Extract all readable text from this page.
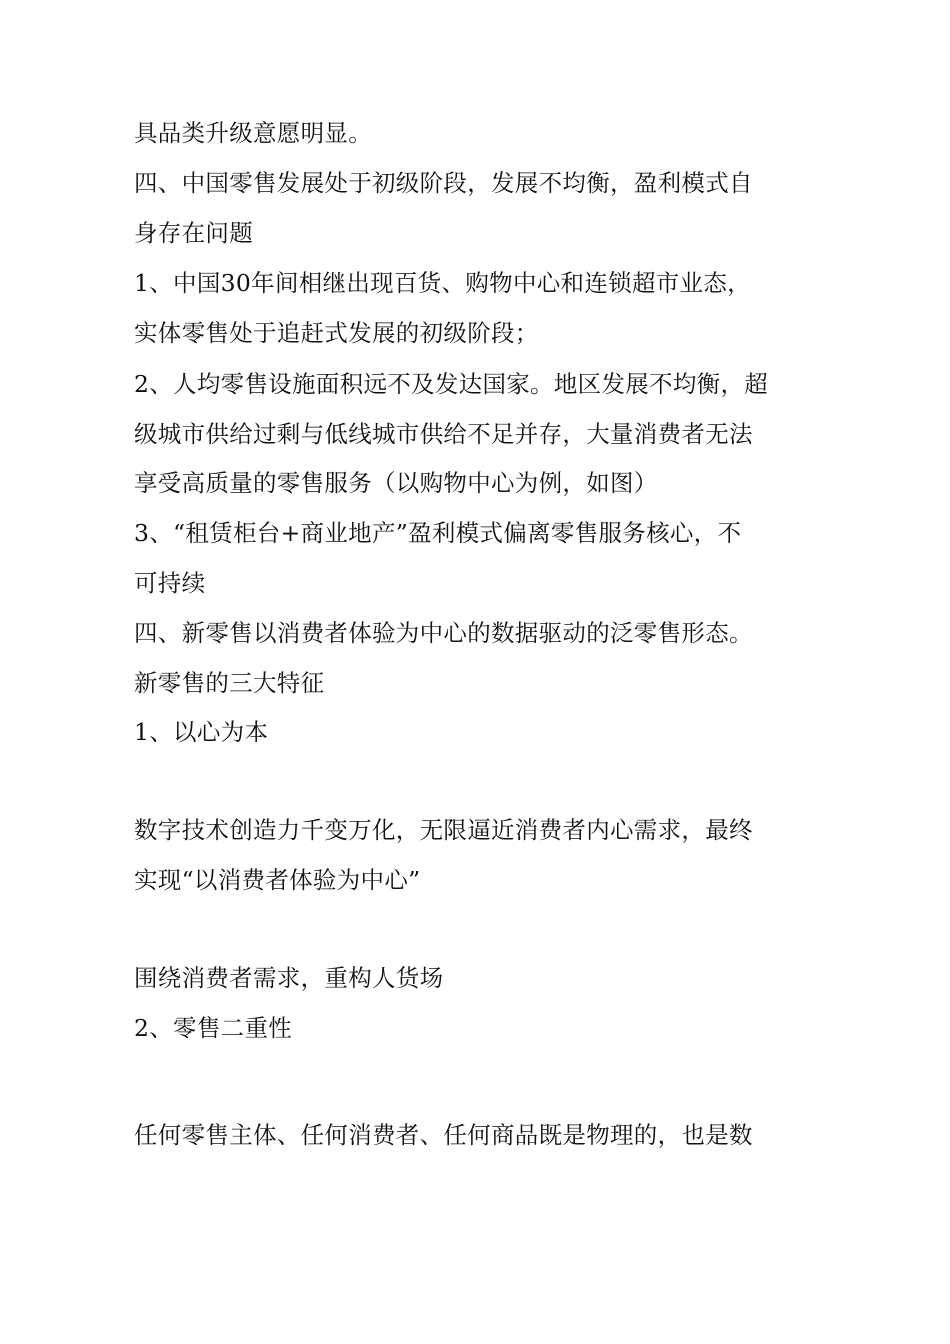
具品类升级意愿明显。
四、中国零售发展处于初级阶段，发展不均衡，盈利模式自
身存在问题
1、中国30年间相继出现百货、购物中心和连锁超市业态，
实体零售处于追赶式发展的初级阶段；
2、人均零售设施面积远不及发达国家。地区发展不均衡，超
级城市供给过剩与低线城市供给不足并存，大量消费者无法
享受高质量的零售服务（以购物中心为例，如图）
3、“租赁柜台+商业地产”盈利模式偏离零售服务核心，不
可持续
四、新零售以消费者体验为中心的数据驱动的泛零售形态。
新零售的三大特征
1、以心为本
数字技术创造力千变万化，无限逼近消费者内心需求，最终
实现“以消费者体验为中心”
围绕消费者需求，重构人货场
2、零售二重性
任何零售主体、任何消费者、任何商品既是物理的，也是数
